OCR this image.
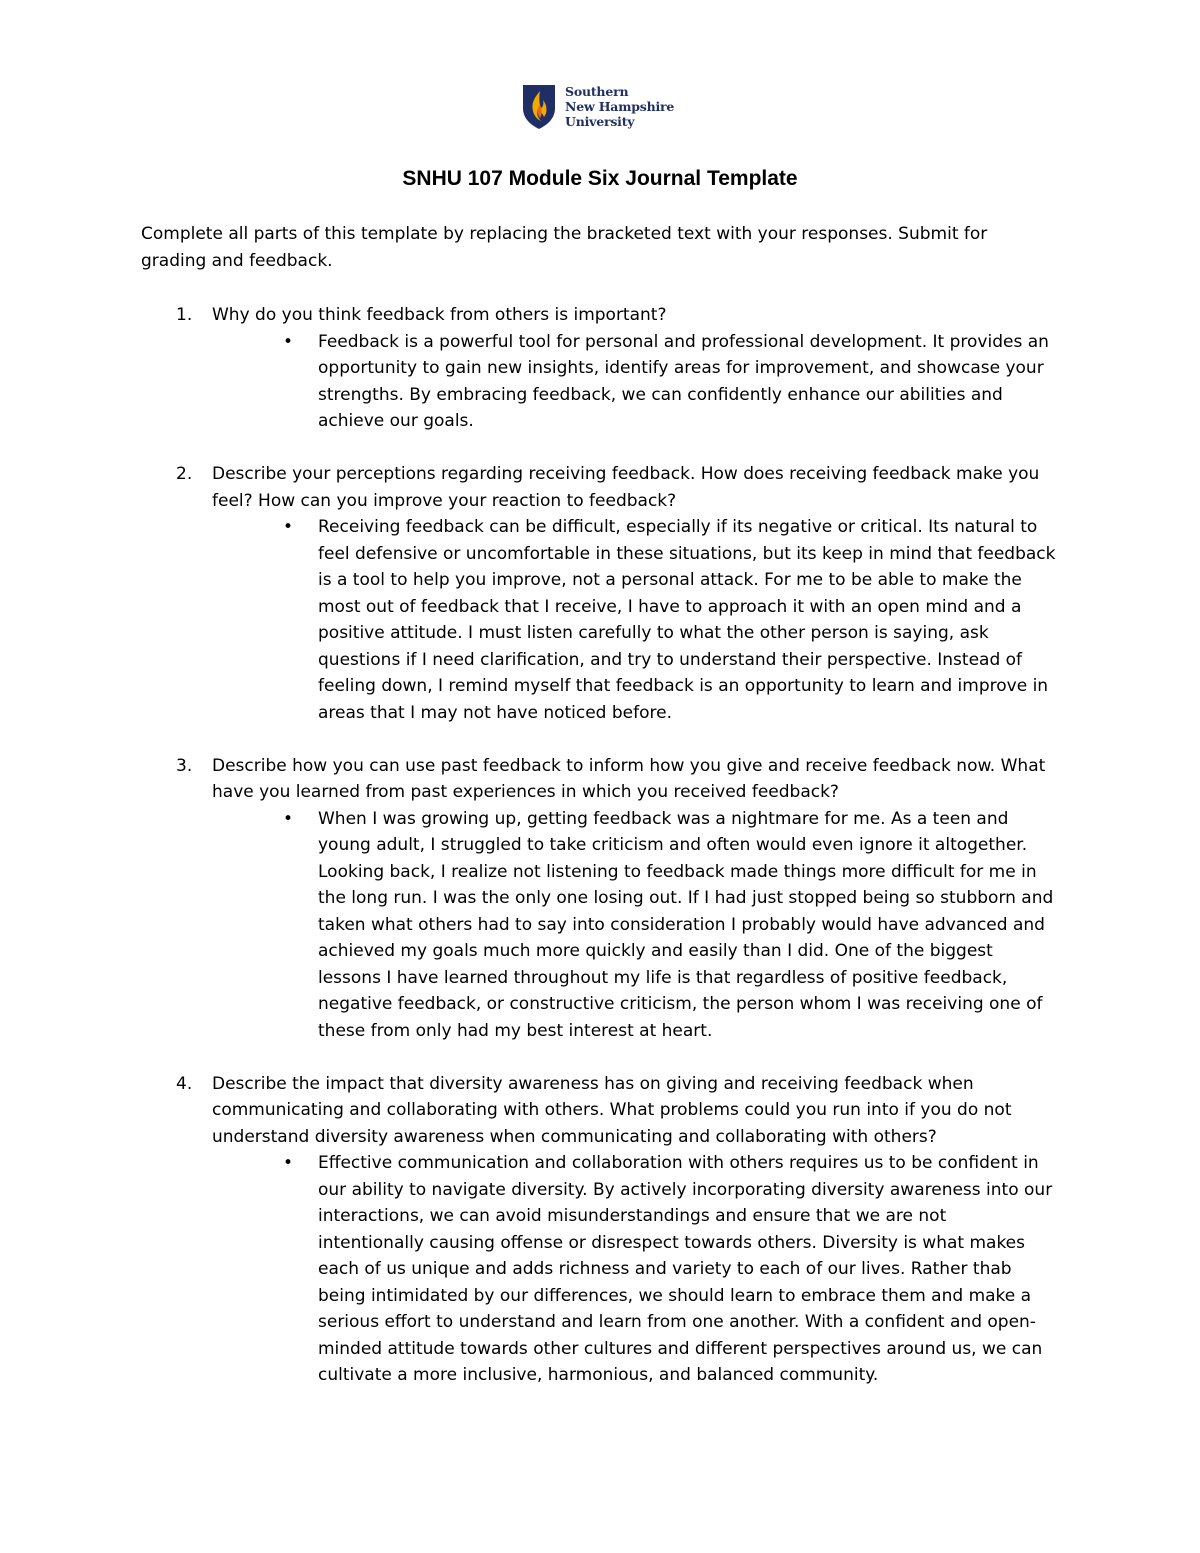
Southern
New Hampshire
University
SNHU 107 Module Six Journal Template

Complete all parts of this template by replacing the bracketed text with your responses. Submit for grading and feedback.

1. Why do you think feedback from others is important?
• Feedback is a powerful tool for personal and professional development. It provides an opportunity to gain new insights, identify areas for improvement, and showcase your strengths. By embracing feedback, we can confidently enhance our abilities and achieve our goals.
2. Describe your perceptions regarding receiving feedback. How does receiving feedback make you feel? How can you improve your reaction to feedback?
• Receiving feedback can be difficult, especially if its negative or critical. Its natural to feel defensive or uncomfortable in these situations, but its keep in mind that feedback is a tool to help you improve, not a personal attack. For me to be able to make the most out of feedback that I receive, I have to approach it with an open mind and a positive attitude. I must listen carefully to what the other person is saying, ask questions if I need clarification, and try to understand their perspective. Instead of feeling down, I remind myself that feedback is an opportunity to learn and improve in areas that I may not have noticed before.
3. Describe how you can use past feedback to inform how you give and receive feedback now. What have you learned from past experiences in which you received feedback?
• When I was growing up, getting feedback was a nightmare for me. As a teen and young adult, I struggled to take criticism and often would even ignore it altogether. Looking back, I realize not listening to feedback made things more difficult for me in the long run. I was the only one losing out. If I had just stopped being so stubborn and taken what others had to say into consideration I probably would have advanced and achieved my goals much more quickly and easily than I did. One of the biggest lessons I have learned throughout my life is that regardless of positive feedback, negative feedback, or constructive criticism, the person whom I was receiving one of these from only had my best interest at heart.
4. Describe the impact that diversity awareness has on giving and receiving feedback when communicating and collaborating with others. What problems could you run into if you do not understand diversity awareness when communicating and collaborating with others?
• Effective communication and collaboration with others requires us to be confident in our ability to navigate diversity. By actively incorporating diversity awareness into our interactions, we can avoid misunderstandings and ensure that we are not intentionally causing offense or disrespect towards others. Diversity is what makes each of us unique and adds richness and variety to each of our lives. Rather thab being intimidated by our differences, we should learn to embrace them and make a serious effort to understand and learn from one another. With a confident and open-minded attitude towards other cultures and different perspectives around us, we can cultivate a more inclusive, harmonious, and balanced community.
